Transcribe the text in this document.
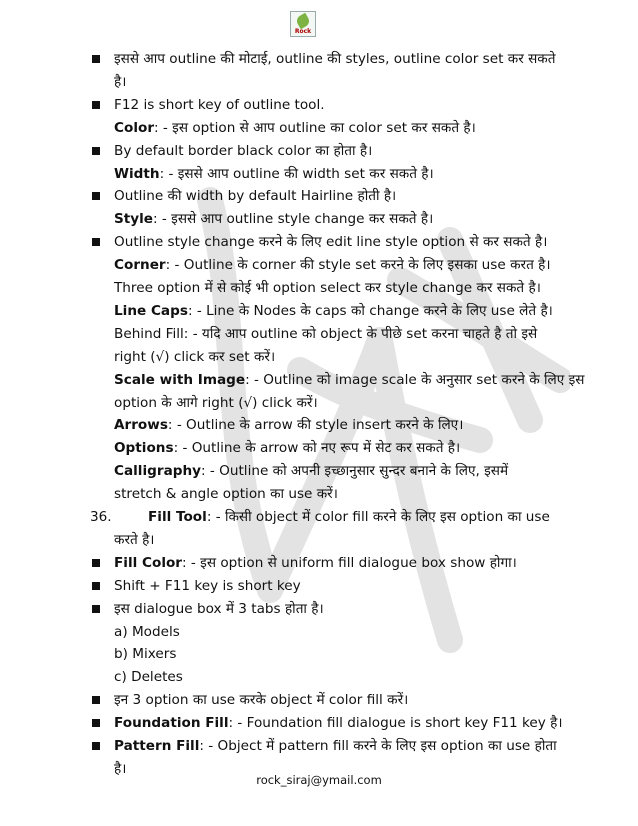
Rock
इससे आप outline की मोटाई, outline की styles, outline color set कर सकते
है।
F12 is short key of outline tool.
Color: - इस option से आप outline का color set कर सकते है।
By default border black color का होता है।
Width: - इससे आप outline की width set कर सकते है।
Outline की width by default Hairline होती है।
Style: - इससे आप outline style change कर सकते है।
Outline style change करने के लिए edit line style option से कर सकते है।
Corner: - Outline के corner की style set करने के लिए इसका use करत है।
Three option में से कोई भी option select कर style change कर सकते है।
Line Caps: - Line के Nodes के caps को change करने के लिए use लेते है।
Behind Fill: - यदि आप outline को object के पीछे set करना चाहते है तो इसे
right (√) click कर set करें।
Scale with Image: - Outline को image scale के अनुसार set करने के लिए इस
option के आगे right (√) click करें।
Arrows: - Outline के arrow की style insert करने के लिए।
Options: - Outline के arrow को नए रूप में सेट कर सकते है।
Calligraphy: - Outline को अपनी इच्छानुसार सुन्दर बनाने के लिए, इसमें
stretch & angle option का use करें।
36.	Fill Tool: - किसी object में color fill करने के लिए इस option का use
करते है।
Fill Color: - इस option से uniform fill dialogue box show होगा।
Shift + F11 key is short key
इस dialogue box में 3 tabs होता है।
a) Models
b) Mixers
c) Deletes
इन 3 option का use करके object में color fill करें।
Foundation Fill: - Foundation fill dialogue is short key F11 key है।
Pattern Fill: - Object में pattern fill करने के लिए इस option का use होता
है।
rock_siraj@ymail.com
